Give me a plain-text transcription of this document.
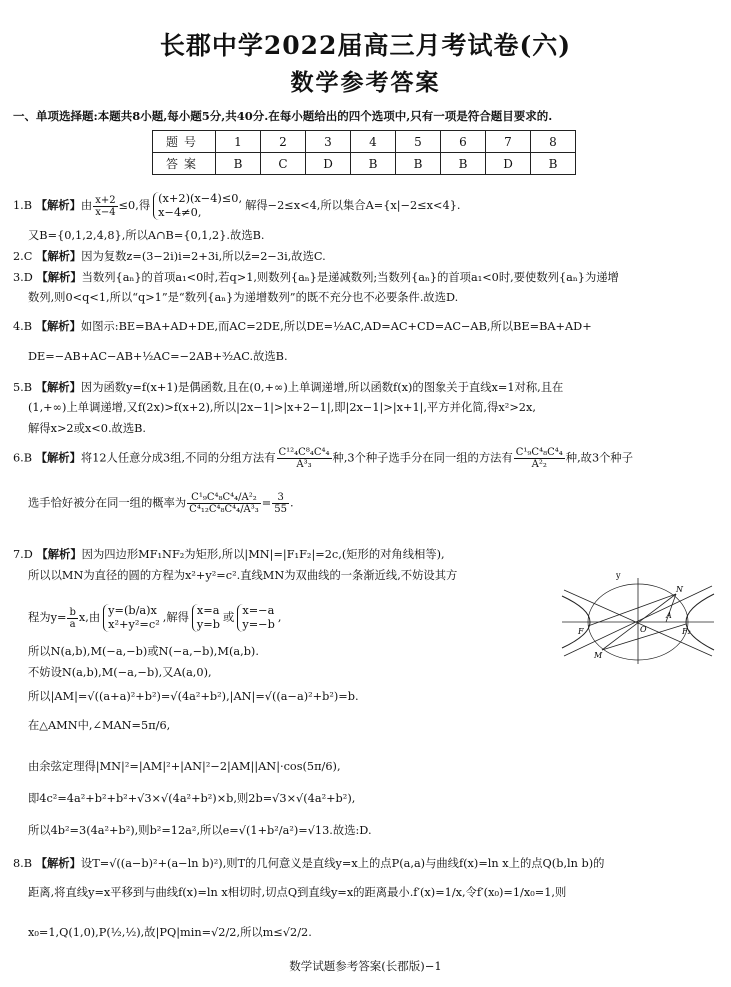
长郡中学2022届高三月考试卷(六)
数学参考答案
一、单项选择题:本题共8小题,每小题5分,共40分.在每小题给出的四个选项中,只有一项是符合题目要求的.
题号	1	2	3	4	5	6	7	8
答案	B	C	D	B	B	B	D	B
1.B 【解析】由 $\frac{x+2}{x-4} \le 0$,得
(x+2)(x−4)≤0,
x−4≠0,
解得−2≤x<4,所以集合A={x|−2≤x<4}.
又B={0,1,2,4,8},所以A∩B={0,1,2}.故选B.
2.C 【解析】因为复数z=(3−2i)i=2+3i,所以z̄=2−3i,故选C.
3.D 【解析】当数列{aₙ}的首项a₁<0时,若q>1,则数列{aₙ}是递减数列;当数列{aₙ}的首项a₁<0时,要使数列{aₙ}为递增
数列,则0<q<1,所以“q>1”是“数列{aₙ}为递增数列”的既不充分也不必要条件.故选D.
4.B 【解析】如图示:BE=BA+AD+DE,而AC=2DE,所以DE=½AC,AD=AC+CD=AC−AB,所以BE=BA+AD+
DE=−AB+AC−AB+½AC=−2AB+³⁄₂AC.故选B.
5.B 【解析】因为函数y=f(x+1)是偶函数,且在(0,+∞)上单调递增,所以函数f(x)的图象关于直线x=1对称,且在
(1,+∞)上单调递增,又f(2x)>f(x+2),所以|2x−1|>|x+2−1|,即|2x−1|>|x+1|,平方并化简,得x²>2x,
解得x>2或x<0.故选B.
6.B 【解析】将12人任意分成3组,不同的分组方法有 $\frac{\text{C¹²₄C⁸₄C⁴₄}}{\text{A³₃}}$ 种,3个种子选手分在同一组的方法有 $\frac{\text{C¹₉C⁴₈C⁴₄}}{\text{A²₂}}$ 种,故3个种子
选手恰好被分在同一组的概率为 $\frac{\text{C¹₉C⁴₈C⁴₄/A²₂}}{\text{C⁴₁₂C⁴₈C⁴₄/A³₃}} = \frac{3}{55}$ .
7.D 【解析】因为四边形MF₁NF₂为矩形,所以|MN|=|F₁F₂|=2c,(矩形的对角线相等),
所以以MN为直径的圆的方程为x²+y²=c².直线MN为双曲线的一条渐近线,不妨设其方
程为$y= \frac{b}{a} x$,由
y=(b/a)x
x²+y²=c²
,解得
x=a
y=b
或
x=−a
y=−b
,
所以N(a,b),M(−a,−b)或N(−a,−b),M(a,b).
不妨设N(a,b),M(−a,−b),又A(a,0),
所以|AM|=√((a+a)²+b²)=√(4a²+b²),|AN|=√((a−a)²+b²)=b.
在△AMN中,∠MAN=5π/6,
由余弦定理得|MN|²=|AM|²+|AN|²−2|AM||AN|·cos(5π/6),
即4c²=4a²+b²+b²+√3×√(4a²+b²)×b,则2b=√3×√(4a²+b²),
所以4b²=3(4a²+b²),则b²=12a²,所以e=√(1+b²/a²)=√13.故选:D.
y
N
A
O
F	F₂
M
8.B 【解析】设T=√((a−b)²+(a−ln b)²),则T的几何意义是直线y=x上的点P(a,a)与曲线f(x)=ln x上的点Q(b,ln b)的
距离,将直线y=x平移到与曲线f(x)=ln x相切时,切点Q到直线y=x的距离最小.f′(x)=1/x,令f′(x₀)=1/x₀=1,则
x₀=1,Q(1,0),P(½,½),故|PQ|min=√2/2,所以m≤√2/2.
数学试题参考答案(长郡版)−1
